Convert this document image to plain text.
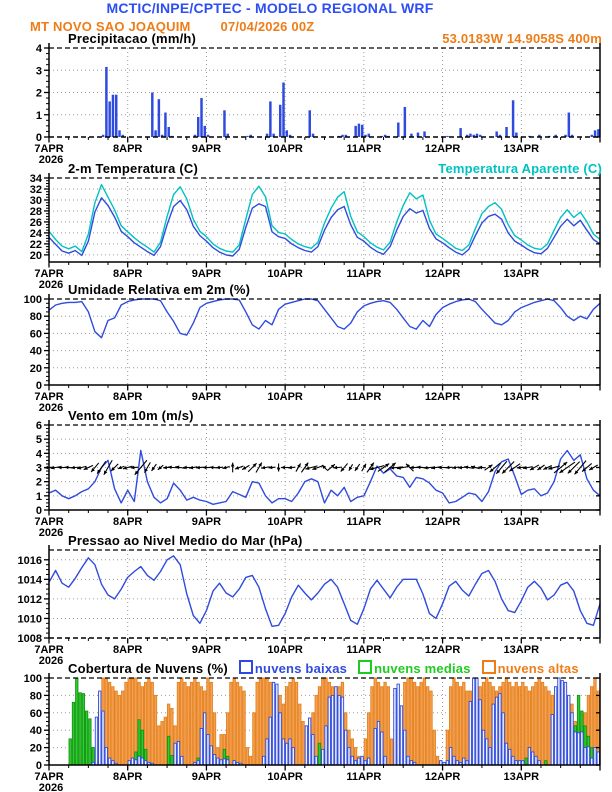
MCTIC/INPE/CPTEC - MODELO REGIONAL WRF
MT NOVO SAO JOAQUIM 07/04/2026 00Z
53.0183W 14.9058S 400m
Precipitacao (mm/h)
2-m Temperatura (C)	Temperatura Aparente (C)
Umidade Relativa em 2m (%)
Vento em 10m (m/s)
Pressao ao Nivel Medio do Mar (hPa)
Cobertura de Nuvens (%)	nuvens baixas	nuvens medias	nuvens altas
0
1
2
3
4
7APR	8APR	9APR	10APR	11APR	12APR	13APR
2026
20
22
24
26
28
30
32
34
7APR	8APR	9APR	10APR	11APR	12APR	13APR
2026
0
20
40
60
80
100
7APR	8APR	9APR	10APR	11APR	12APR	13APR
2026
0
1
2
3
4
5
6
7APR	8APR	9APR	10APR	11APR	12APR	13APR
2026
1008
1010
1012
1014
1016
7APR	8APR	9APR	10APR	11APR	12APR	13APR
2026
0
20
40
60
80
100
7APR	8APR	9APR	10APR	11APR	12APR	13APR
2026
